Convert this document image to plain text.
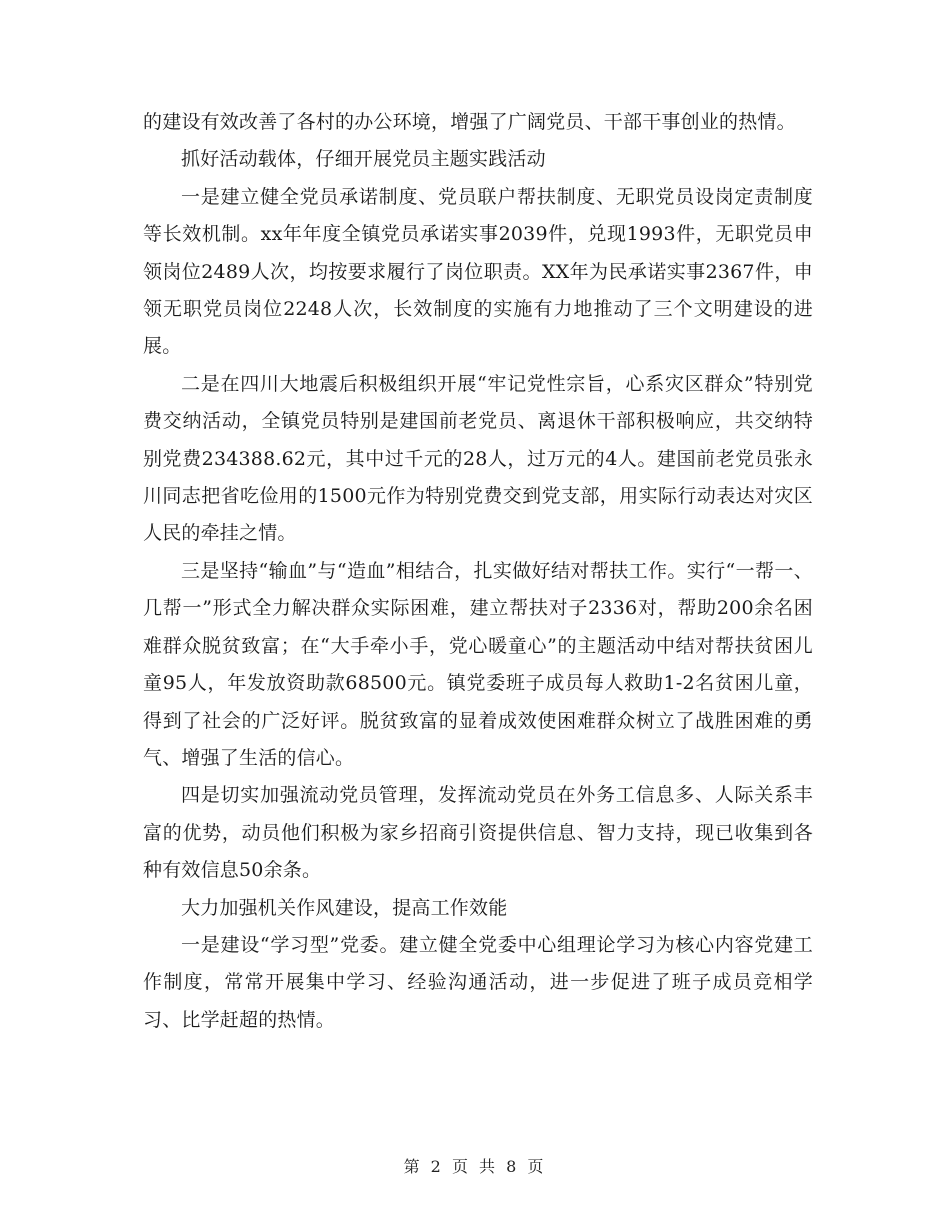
的建设有效改善了各村的办公环境，增强了广阔党员、干部干事创业的热情。

抓好活动载体，仔细开展党员主题实践活动

一是建立健全党员承诺制度、党员联户帮扶制度、无职党员设岗定责制度等长效机制。xx年年度全镇党员承诺实事2039件，兑现1993件，无职党员申领岗位2489人次，均按要求履行了岗位职责。XX年为民承诺实事2367件，申领无职党员岗位2248人次，长效制度的实施有力地推动了三个文明建设的进展。

二是在四川大地震后积极组织开展“牢记党性宗旨，心系灾区群众”特别党费交纳活动，全镇党员特别是建国前老党员、离退休干部积极响应，共交纳特别党费234388.62元，其中过千元的28人，过万元的4人。建国前老党员张永川同志把省吃俭用的1500元作为特别党费交到党支部，用实际行动表达对灾区人民的牵挂之情。

三是坚持“输血”与“造血”相结合，扎实做好结对帮扶工作。实行“一帮一、几帮一”形式全力解决群众实际困难，建立帮扶对子2336对，帮助200余名困难群众脱贫致富；在“大手牵小手，党心暖童心”的主题活动中结对帮扶贫困儿童95人，年发放资助款68500元。镇党委班子成员每人救助1-2名贫困儿童，得到了社会的广泛好评。脱贫致富的显着成效使困难群众树立了战胜困难的勇气、增强了生活的信心。

四是切实加强流动党员管理，发挥流动党员在外务工信息多、人际关系丰富的优势，动员他们积极为家乡招商引资提供信息、智力支持，现已收集到各种有效信息50余条。

大力加强机关作风建设，提高工作效能

一是建设“学习型”党委。建立健全党委中心组理论学习为核心内容党建工作制度，常常开展集中学习、经验沟通活动，进一步促进了班子成员竞相学习、比学赶超的热情。

第 2 页 共 8 页
